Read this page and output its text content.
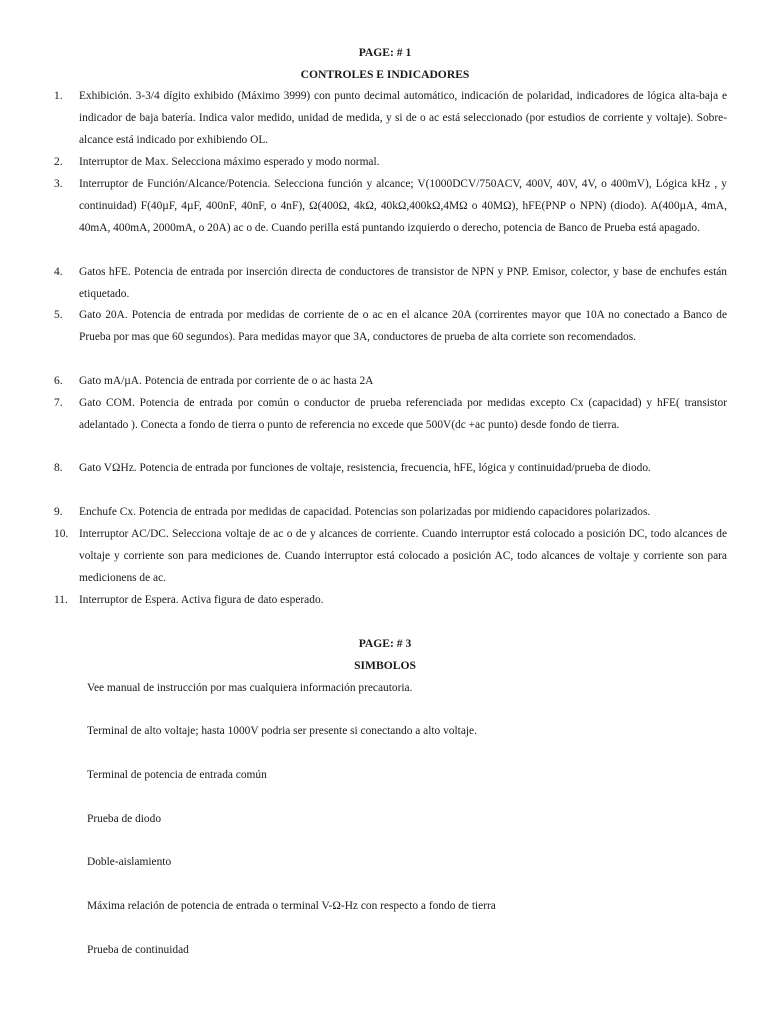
PAGE: # 1
CONTROLES E INDICADORES
1. Exhibición. 3-3/4 dígito exhibido (Máximo 3999) con punto decimal automático, indicación de polaridad, indicadores de lógica alta-baja e indicador de baja batería. Indica valor medido, unidad de medida, y si de o ac está seleccionado (por estudios de corriente y voltaje). Sobre-alcance está indicado por exhibiendo OL.
2. Interruptor de Max. Selecciona máximo esperado y modo normal.
3. Interruptor de Función/Alcance/Potencia. Selecciona función y alcance; V(1000DCV/750ACV, 400V, 40V, 4V, o 400mV), Lógica kHz , y continuidad) F(40µF, 4µF, 400nF, 40nF, o 4nF), Ω(400Ω, 4kΩ, 40kΩ,400kΩ,4MΩ o 40MΩ), hFE(PNP o NPN) (diodo). A(400µA, 4mA, 40mA, 400mA, 2000mA, o 20A) ac o de. Cuando perilla está puntando izquierdo o derecho, potencia de Banco de Prueba está apagado.
4. Gatos hFE. Potencia de entrada por inserción directa de conductores de transistor de NPN y PNP. Emisor, colector, y base de enchufes están etiquetado.
5. Gato 20A. Potencia de entrada por medidas de corriente de o ac en el alcance 20A (corrirentes mayor que 10A no conectado a Banco de Prueba por mas que 60 segundos). Para medidas mayor que 3A, conductores de prueba de alta corriete son recomendados.
6. Gato mA/µA. Potencia de entrada por corriente de o ac hasta 2A
7. Gato COM. Potencia de entrada por común o conductor de prueba referenciada por medidas excepto Cx (capacidad) y hFE( transistor adelantado ). Conecta a fondo de tierra o punto de referencia no excede que 500V(dc +ac punto) desde fondo de tierra.
8. Gato VΩHz. Potencia de entrada por funciones de voltaje, resistencia, frecuencia, hFE, lógica y continuidad/prueba de diodo.
9. Enchufe Cx. Potencia de entrada por medidas de capacidad. Potencias son polarizadas por midiendo capacidores polarizados.
10. Interruptor AC/DC. Selecciona voltaje de ac o de y alcances de corriente. Cuando interruptor está colocado a posición DC, todo alcances de voltaje y corriente son para mediciones de. Cuando interruptor está colocado a posición AC, todo alcances de voltaje y corriente son para medicionens de ac.
11. Interruptor de Espera. Activa figura de dato esperado.
PAGE: # 3
SIMBOLOS
Vee manual de instrucción por mas cualquiera información precautoria.
Terminal de alto voltaje; hasta 1000V podria ser presente si conectando a alto voltaje.
Terminal de potencia de entrada común
Prueba de diodo
Doble-aislamiento
Máxima relación de potencia de entrada o terminal V-Ω-Hz con respecto a fondo de tierra
Prueba de continuidad
